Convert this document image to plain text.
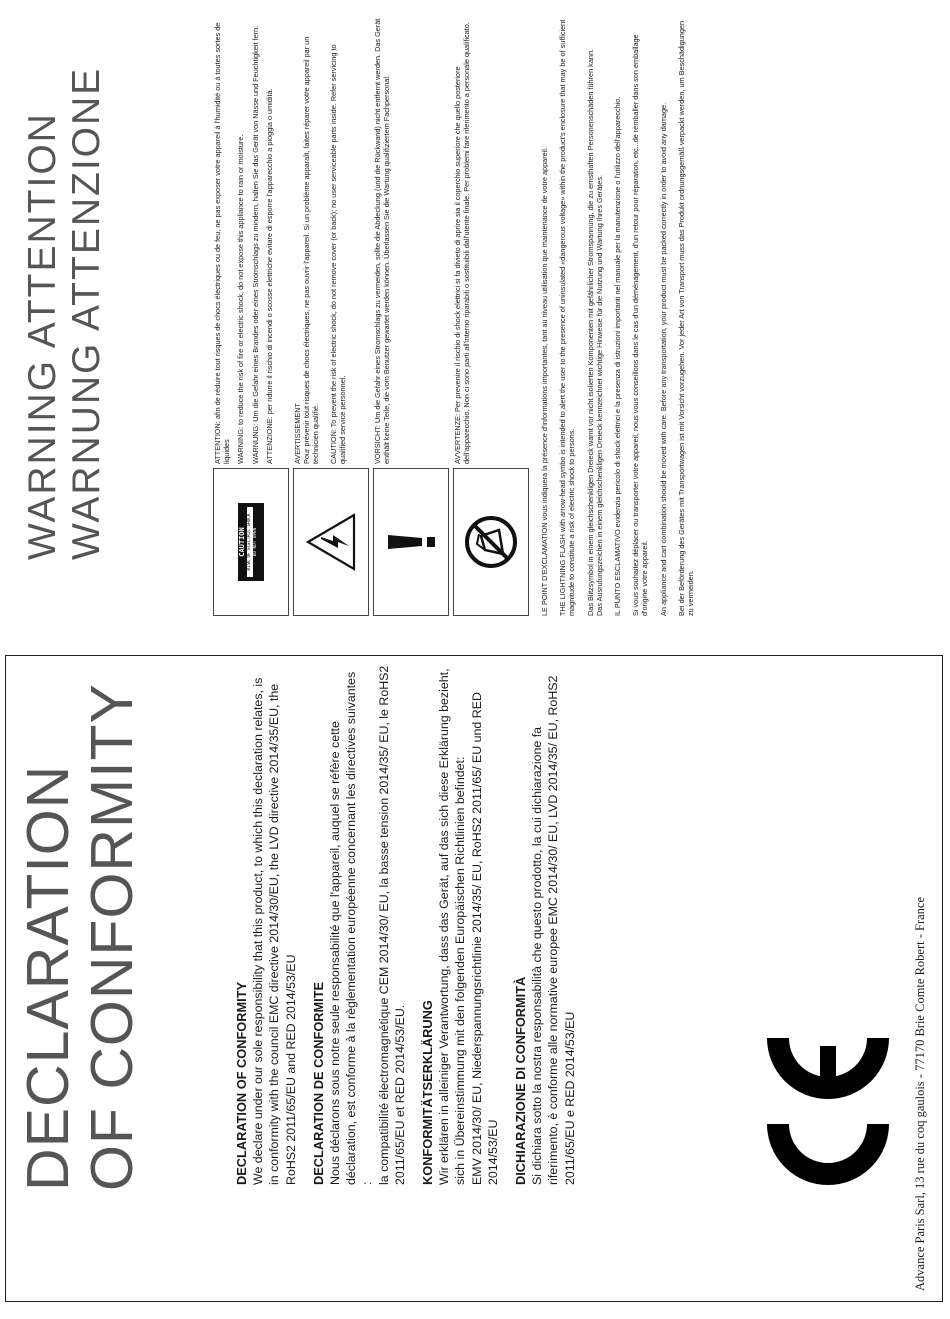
WARNING ATTENTION WARNUNG ATTENZIONE	CAUTION RISK OF ELECTRIC SHOCK DO NOT OPEN

ATTENTION: afin de réduire tout risques de chocs électriques ou de feu, ne pas exposer votre appareil à l'humidité ou à toutes sortes de liquides WARNING: to reduce the risk of fire or electric shock, do not expose this appliance to rain or moisture. WARNUNG: Um die Gefahr eines Brandes oder eines Stromschlags zu mindern, halten Sie das Gerät von Nässe und Feuchtigkeit fern. ATTENZIONE: per ridurre il rischio di incendi o scosse elettriche evitare di esporre l'apparecchio a pioggia o umidità.	AVERTISSEMENT
Pour prévenir tout risques de chocs électriques, ne pas ouvrir l'appareil. Si un problème apparaît, faites réparer votre appareil par un technicien qualifié. CAUTION: To prevent the risk of electric shock, do not remove cover (or back); no user serviceable parts inside. Refer servicing to qualified service personnel.	VORSICHT: Um die Gefahr eines Stromschlags zu vermeiden, sollte die Abdeckung (und die Rückwand) nicht entfernt werden. Das Gerät enthält keine Teile, die vom Benutzer gewartet werden können. Überlassen Sie die Wartung qualifiziertem Fachpersonal.	AVVERTENZE: Per prevenire il rischio di shock elettrici si fa divieto di aprire sia il coperchio superiore che quello posteriore dell'apparecchio. Non ci sono parti all'interno riparabili o sostituibili dall'utente finale. Per problemi fare riferimento a personale qualificato.	LE POINT D'EXCLAMATION vous indiquera la présence d'informations importantes, tant au niveau utilisation que maintenance de votre appareil. THE LIGHTNING FLASH with arrow-head symbo is intended to alert the user to the presence of uninsulated «dangerous voltage» within the product's enclosure that may be of sufficient magnitude to constitute a risk of electric shock to persons. Das Blitzsymbol in einem gleichschenkligen Dreieck warnt vor nicht isolierten Komponenten mit gefährlicher Stromspannung, die zu ernsthaften Personenschäden führen kann.
Das Ausrufungszeichen in einem gleichschenkligen Dreieck kennzeichnet wichtige Hinweise für die Nutzung und Wartung Ihres Gerätes. IL PUNTO ESCLAMATIVO evidenzia pericolo di shock elettrici e la presenza di istruzioni importanti nel manuale per la manutenzione o l'utilizzo dell'apparecchio. Si vous souhaitez déplacer ou transporter votre appareil, nous vous conseillons dans le cas d'un déménagement, d'un retour pour réparation, etc...de rèmballer dans son emballage d'origine votre appareil. An appliance and cart combination should be moved with care. Before any transportation, your product must be packed correctly in order to avoid any damage. Bei der Beförderung des Gerätes mit Transportwagen ist mit Vorsicht vorzugehen. Vor jeder Art von Transport muss das Produkt ordnungsgemäß verpackt werden, um Beschädigungen zu vermeiden.

DECLARATION
OF CONFORMITY	DECLARATION OF CONFORMITY We declare under our sole responsibility that this product, to which this declaration relates, is in conformity with the council EMC directive 2014/30/EU, the LVD directive 2014/35/EU, the RoHS2 2011/65/EU and RED 2014/53/EU DECLARATION DE CONFORMITE Nous déclarons sous notre seule responsabilité que l'appareil, auquel se réfère cette déclaration, est conforme à la règlementation européenne concernant les directives suivantes :
la compatibilité électromagnétique CEM 2014/30/ EU, la basse tension 2014/35/ EU, le RoHS2 2011/65/EU et RED 2014/53/EU. KONFORMITÄTSERKLÄRUNG Wir erklären in alleiniger Verantwortung, dass das Gerät, auf das sich diese Erklärung bezieht, sich in Übereinstimmung mit den folgenden Europäischen Richtlinien befindet:
EMV 2014/30/ EU, Niederspannungsrichtlinie 2014/35/ EU, RoHS2 2011/65/ EU und RED 2014/53/EU DICHIARAZIONE DI CONFORMITÀ Si dichiara sotto la nostra responsabilità che questo prodotto, la cui dichiarazione fa riferimento, è conforme alle normative europee EMC 2014/30/ EU, LVD 2014/35/ EU, RoHS2 2011/65/EU e RED 2014/53/EU	Advance Paris Sarl, 13 rue du coq gaulois - 77170 Brie Comte Robert - France
